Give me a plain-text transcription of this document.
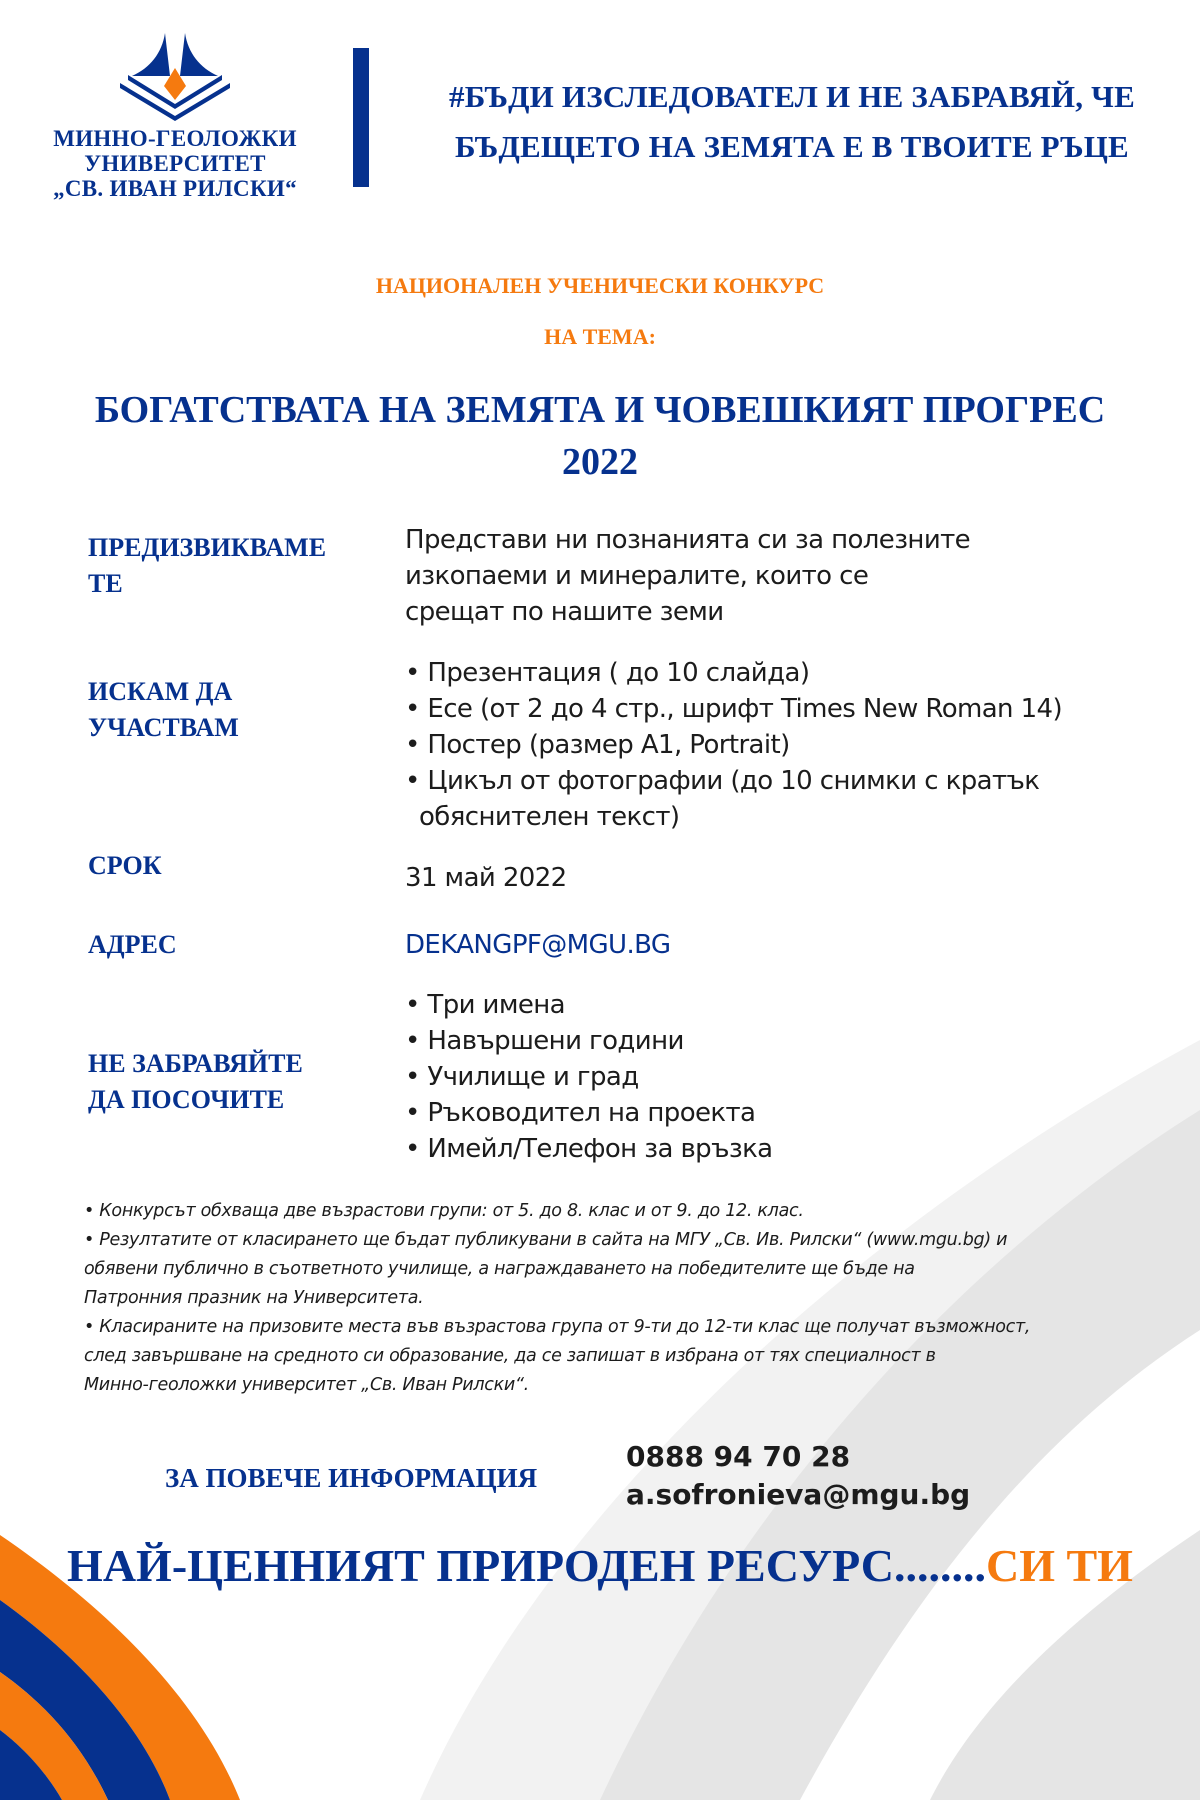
МИННО-ГЕОЛОЖКИ
УНИВЕРСИТЕТ
„СВ. ИВАН РИЛСКИ“
#БЪДИ ИЗСЛЕДОВАТЕЛ И НЕ ЗАБРАВЯЙ, ЧЕ
БЪДЕЩЕТО НА ЗЕМЯТА Е В ТВОИТЕ РЪЦЕ
НАЦИОНАЛЕН УЧЕНИЧЕСКИ КОНКУРС
НА ТЕМА:
БОГАТСТВАТА НА ЗЕМЯТА И ЧОВЕШКИЯТ ПРОГРЕС
2022
ПРЕДИЗВИКВАМЕ
ТЕ
Представи ни познанията си за полезните
изкопаеми и минералите, които се
срещат по нашите земи
ИСКАМ ДА
УЧАСТВАМ
• Презентация ( до 10 слайда)
• Есе (от 2 до 4 стр., шрифт Times New Roman 14)
• Постер (размер А1, Portrait)
• Цикъл от фотографии (до 10 снимки с кратък
обяснителен текст)
СРОК	31 май 2022
АДРЕС	DEKANGPF@MGU.BG
НЕ ЗАБРАВЯЙТЕ
ДА ПОСОЧИТЕ
• Три имена
• Навършени години
• Училище и град
• Ръководител на проекта
• Имейл/Телефон за връзка
• Конкурсът обхваща две възрастови групи: от 5. до 8. клас и от 9. до 12. клас.
• Резултатите от класирането ще бъдат публикувани в сайта на МГУ „Св. Ив. Рилски“ (www.mgu.bg) и
обявени публично в съответното училище, а награждаването на победителите ще бъде на
Патронния празник на Университета.
• Класираните на призовите места във възрастова група от 9-ти до 12-ти клас ще получат възможност,
след завършване на средното си образование, да се запишат в избрана от тях специалност в
Минно-геоложки университет „Св. Иван Рилски“.
ЗА ПОВЕЧЕ ИНФОРМАЦИЯ
0888 94 70 28
a.sofronieva@mgu.bg
НАЙ-ЦЕННИЯТ ПРИРОДЕН РЕСУРС........СИ ТИ
